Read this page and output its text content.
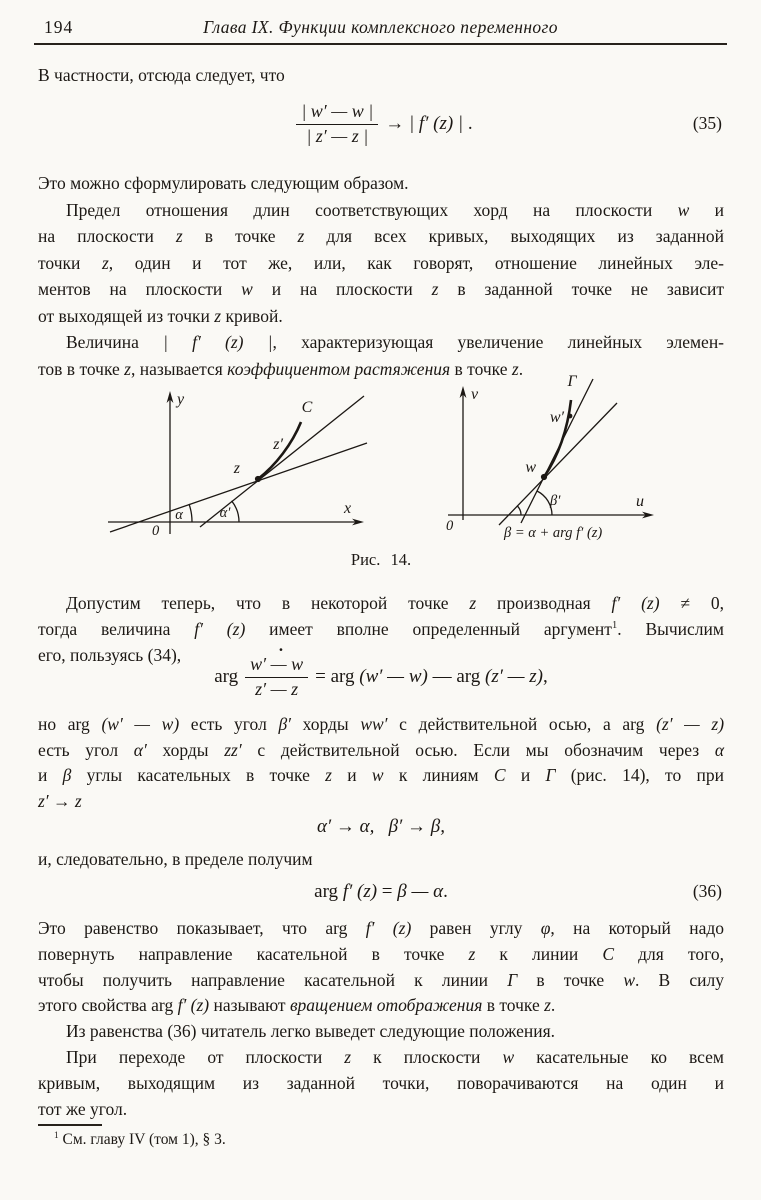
194	Глава IX. Функции комплексного переменного
В частности, отсюда следует, что
$\frac{| w' — w |}{| z' — z |}$ → | f′ (z) | .	(35)
Это можно сформулировать следующим образом.
Предел отношения длин соответствующих хорд на плоскости w и
на плоскости z в точке z для всех кривых, выходящих из заданной
точки z, один и тот же, или, как говорят, отношение линейных эле-
ментов на плоскости w и на плоскости z в заданной точке не зависит
от выходящей из точки z кривой.
Величина | f′ (z) |, характеризующая увеличение линейных элемен-
тов в точке z, называется коэффициентом растяжения в точке z.
y
x
0
z
z′
C
α	α′
v
u
0
w
w′
Γ
β′
β = α + arg f′ (z)
Рис. 14.
Допустим теперь, что в некоторой точке z производная f′ (z) ≠ 0,
тогда величина f′ (z) имеет вполне определенный аргумент$^1$. Вычислим
его, пользуясь (34),
arg
·
$\frac{w' — w}{z' — z}$ = arg (w′ — w) — arg (z′ — z),
но arg (w′ — w) есть угол β′ хорды ww′ с действительной осью, а arg (z′ — z)
есть угол α′ хорды zz′ с действительной осью. Если мы обозначим через α
и β углы касательных в точке z и w к линиям C и Γ (рис. 14), то при
z′ → z
α′ → α, β′ → β,
и, следовательно, в пределе получим
arg f′ (z) = β — α.	(36)
Это равенство показывает, что arg f′ (z) равен углу φ, на который надо
повернуть направление касательной в точке z к линии C для того,
чтобы получить направление касательной к линии Γ в точке w. В силу
этого свойства arg f′ (z) называют вращением отображения в точке z.
Из равенства (36) читатель легко выведет следующие положения.
При переходе от плоскости z к плоскости w касательные ко всем
кривым, выходящим из заданной точки, поворачиваются на один и
тот же угол.
$^1$ См. главу IV (том 1), § 3.
